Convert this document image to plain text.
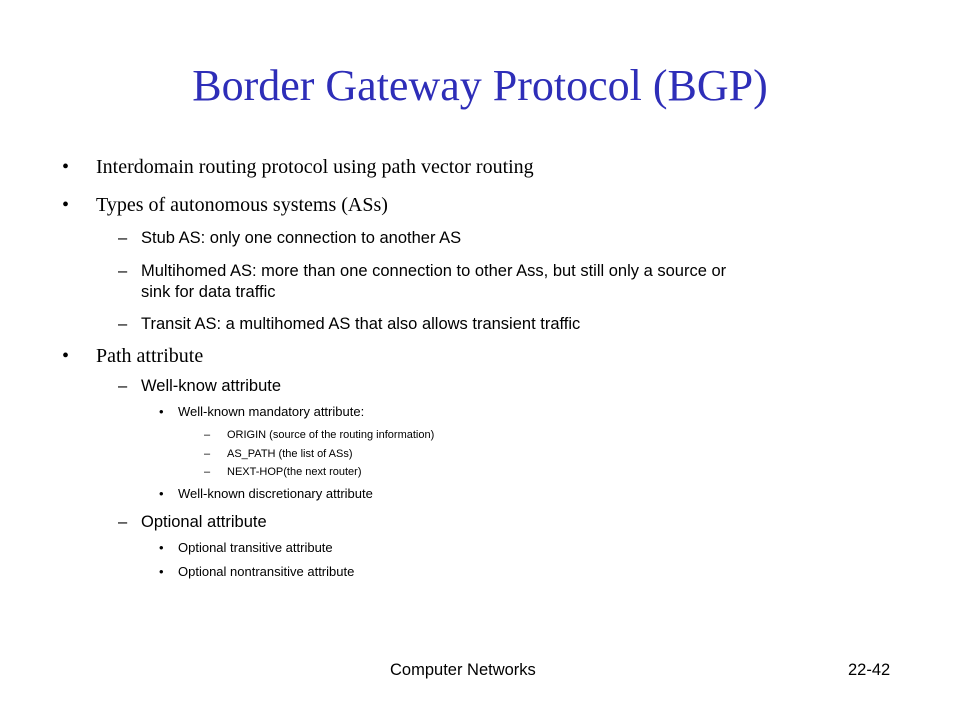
Border Gateway Protocol (BGP)
• Interdomain routing protocol using path vector routing
• Types of autonomous systems (ASs)
– Stub AS: only one connection to another AS
– Multihomed AS: more than one connection to other Ass, but still only a source or
sink for data traffic
– Transit AS: a multihomed AS that also allows transient traffic
• Path attribute
– Well-know attribute
• Well-known mandatory attribute:
– ORIGIN (source of the routing information)
– AS_PATH (the list of ASs)
– NEXT-HOP(the next router)
• Well-known discretionary attribute
– Optional attribute
• Optional transitive attribute
• Optional nontransitive attribute
Computer Networks	22-42
